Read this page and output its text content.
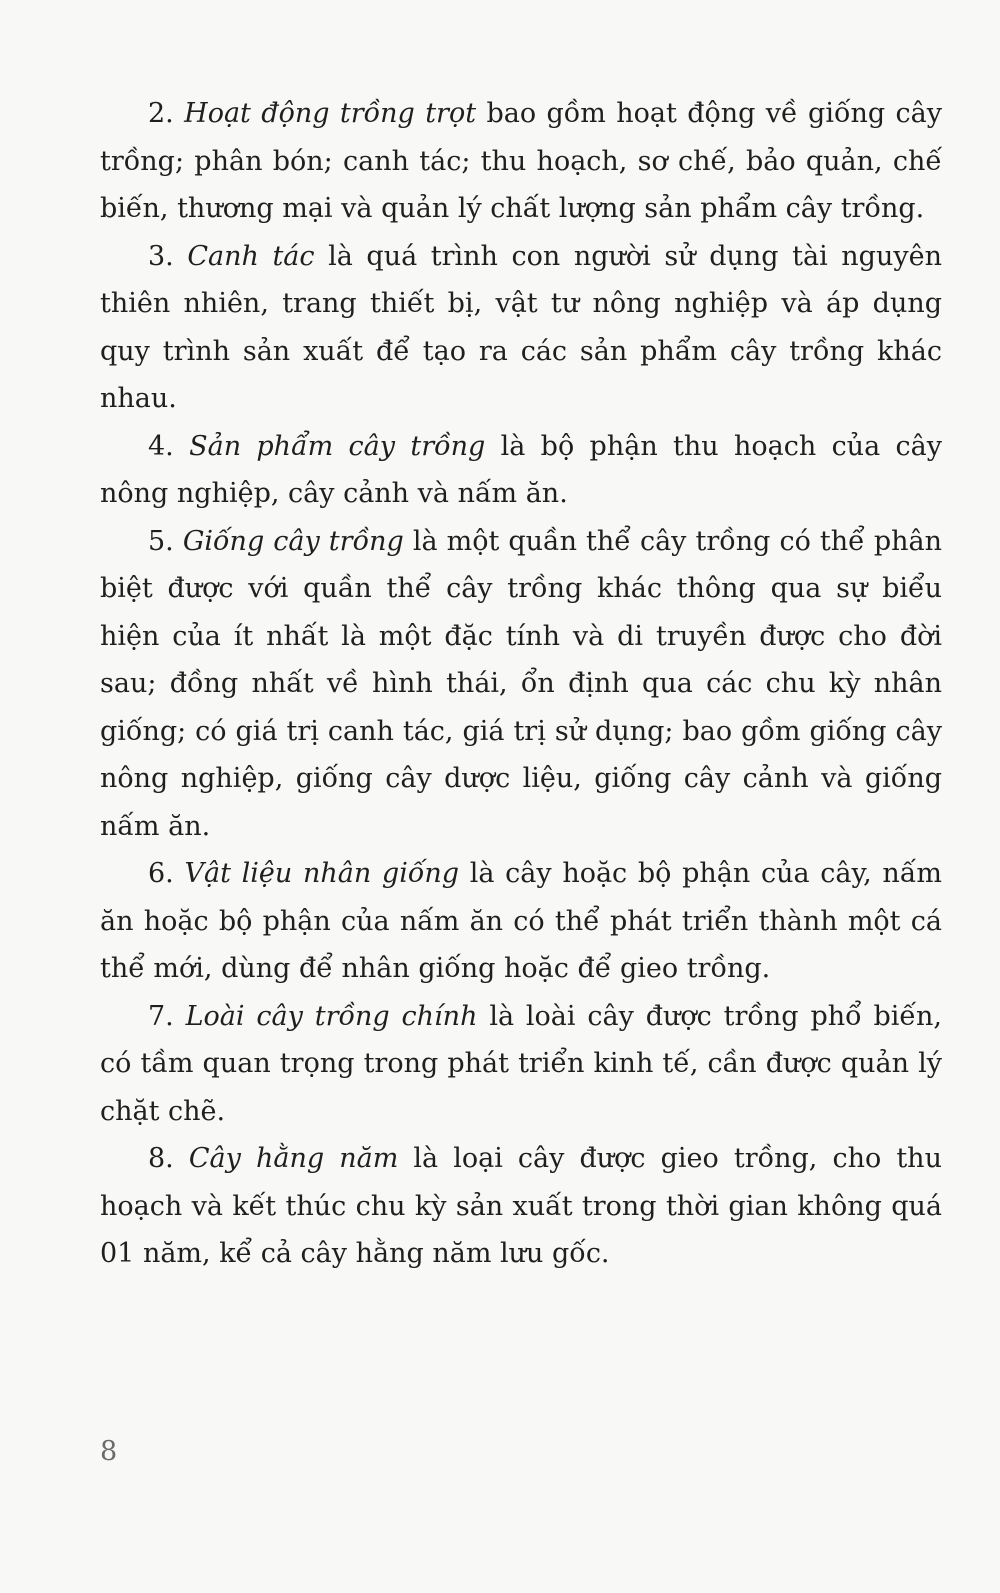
2. Hoạt động trồng trọt bao gồm hoạt động về giống cây trồng; phân bón; canh tác; thu hoạch, sơ chế, bảo quản, chế biến, thương mại và quản lý chất lượng sản phẩm cây trồng.

3. Canh tác là quá trình con người sử dụng tài nguyên thiên nhiên, trang thiết bị, vật tư nông nghiệp và áp dụng quy trình sản xuất để tạo ra các sản phẩm cây trồng khác nhau.

4. Sản phẩm cây trồng là bộ phận thu hoạch của cây nông nghiệp, cây cảnh và nấm ăn.

5. Giống cây trồng là một quần thể cây trồng có thể phân biệt được với quần thể cây trồng khác thông qua sự biểu hiện của ít nhất là một đặc tính và di truyền được cho đời sau; đồng nhất về hình thái, ổn định qua các chu kỳ nhân giống; có giá trị canh tác, giá trị sử dụng; bao gồm giống cây nông nghiệp, giống cây dược liệu, giống cây cảnh và giống nấm ăn.

6. Vật liệu nhân giống là cây hoặc bộ phận của cây, nấm ăn hoặc bộ phận của nấm ăn có thể phát triển thành một cá thể mới, dùng để nhân giống hoặc để gieo trồng.

7. Loài cây trồng chính là loài cây được trồng phổ biến, có tầm quan trọng trong phát triển kinh tế, cần được quản lý chặt chẽ.

8. Cây hằng năm là loại cây được gieo trồng, cho thu hoạch và kết thúc chu kỳ sản xuất trong thời gian không quá 01 năm, kể cả cây hằng năm lưu gốc.

8
